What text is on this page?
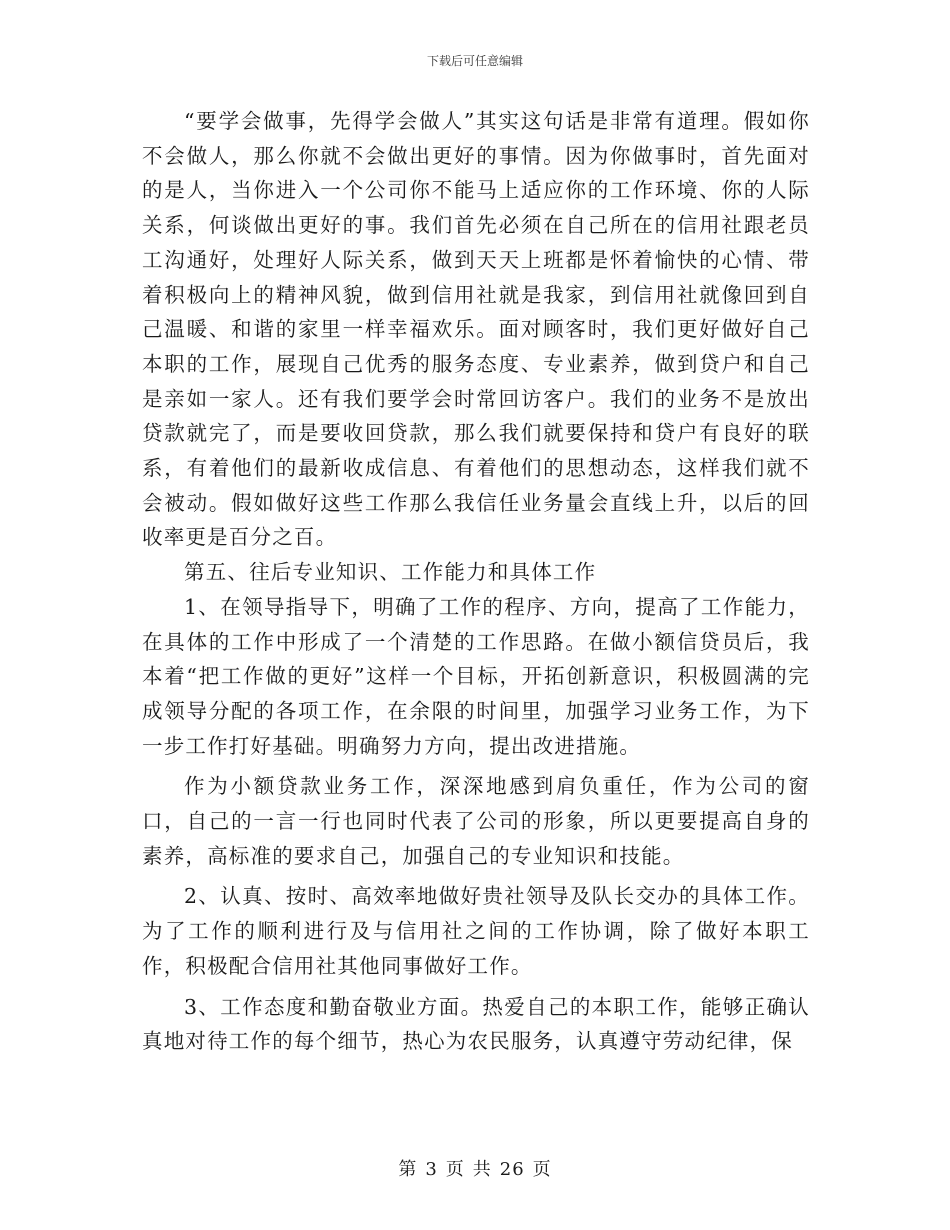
下载后可任意编辑

“要学会做事，先得学会做人”其实这句话是非常有道理。假如你不会做人，那么你就不会做出更好的事情。因为你做事时，首先面对的是人，当你进入一个公司你不能马上适应你的工作环境、你的人际关系，何谈做出更好的事。我们首先必须在自己所在的信用社跟老员工沟通好，处理好人际关系，做到天天上班都是怀着愉快的心情、带着积极向上的精神风貌，做到信用社就是我家，到信用社就像回到自己温暖、和谐的家里一样幸福欢乐。面对顾客时，我们更好做好自己本职的工作，展现自己优秀的服务态度、专业素养，做到贷户和自己是亲如一家人。还有我们要学会时常回访客户。我们的业务不是放出贷款就完了，而是要收回贷款，那么我们就要保持和贷户有良好的联系，有着他们的最新收成信息、有着他们的思想动态，这样我们就不会被动。假如做好这些工作那么我信任业务量会直线上升，以后的回收率更是百分之百。

第五、往后专业知识、工作能力和具体工作

1、在领导指导下，明确了工作的程序、方向，提高了工作能力，在具体的工作中形成了一个清楚的工作思路。在做小额信贷员后，我本着“把工作做的更好”这样一个目标，开拓创新意识，积极圆满的完成领导分配的各项工作，在余限的时间里，加强学习业务工作，为下一步工作打好基础。明确努力方向，提出改进措施。

作为小额贷款业务工作，深深地感到肩负重任，作为公司的窗口，自己的一言一行也同时代表了公司的形象，所以更要提高自身的素养，高标准的要求自己，加强自己的专业知识和技能。

2、认真、按时、高效率地做好贵社领导及队长交办的具体工作。为了工作的顺利进行及与信用社之间的工作协调，除了做好本职工作，积极配合信用社其他同事做好工作。

3、工作态度和勤奋敬业方面。热爱自己的本职工作，能够正确认真地对待工作的每个细节，热心为农民服务，认真遵守劳动纪律，保

第 3 页 共 26 页
